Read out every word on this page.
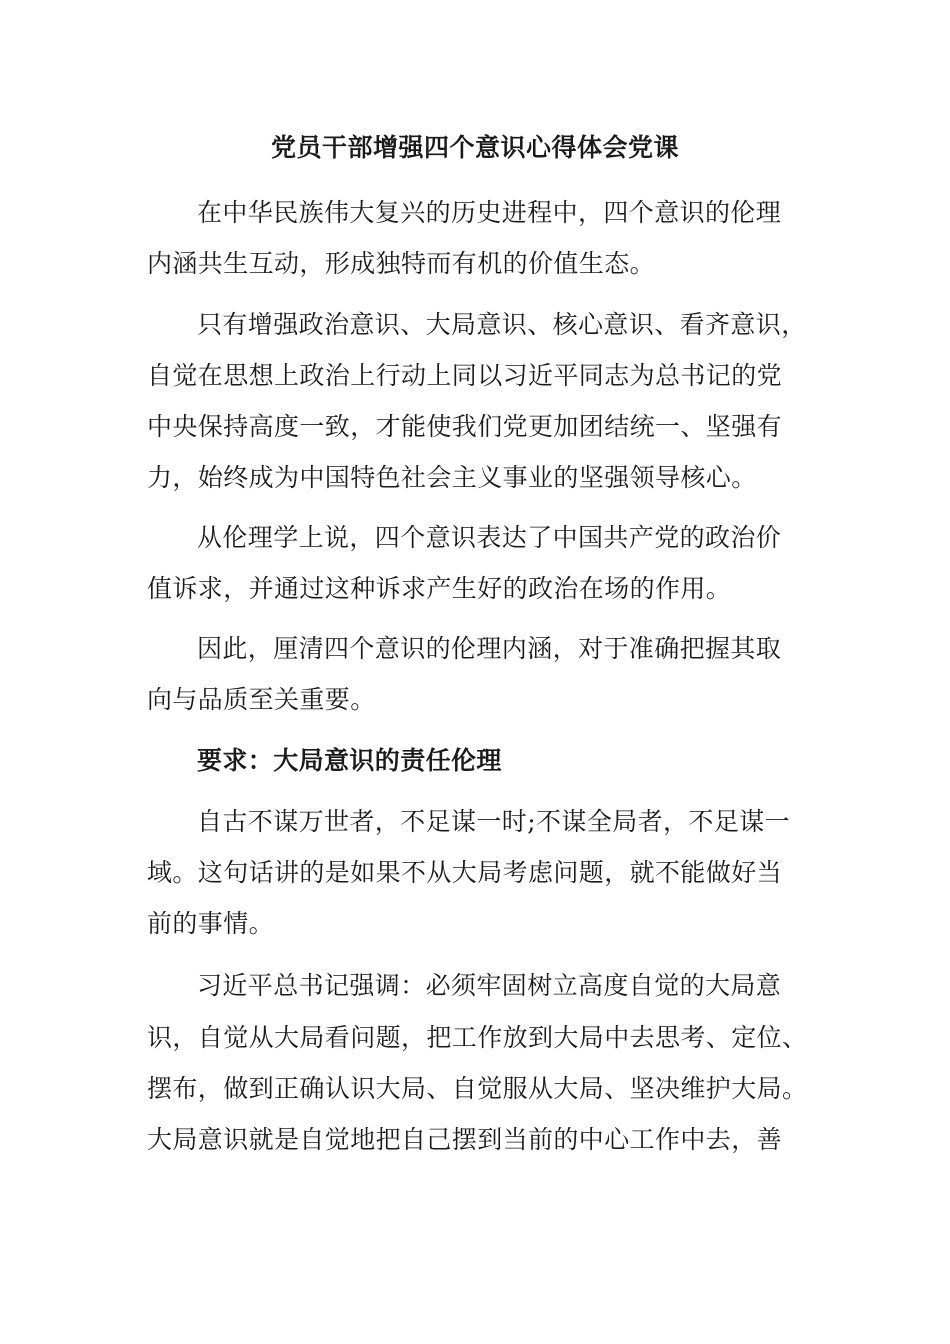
党员干部增强四个意识心得体会党课
在中华民族伟大复兴的历史进程中，四个意识的伦理
内涵共生互动，形成独特而有机的价值生态。
只有增强政治意识、大局意识、核心意识、看齐意识，
自觉在思想上政治上行动上同以习近平同志为总书记的党
中央保持高度一致，才能使我们党更加团结统一、坚强有
力，始终成为中国特色社会主义事业的坚强领导核心。
从伦理学上说，四个意识表达了中国共产党的政治价
值诉求，并通过这种诉求产生好的政治在场的作用。
因此，厘清四个意识的伦理内涵，对于准确把握其取
向与品质至关重要。
要求：大局意识的责任伦理
自古不谋万世者，不足谋一时;不谋全局者，不足谋一
域。这句话讲的是如果不从大局考虑问题，就不能做好当
前的事情。
习近平总书记强调：必须牢固树立高度自觉的大局意
识，自觉从大局看问题，把工作放到大局中去思考、定位、
摆布，做到正确认识大局、自觉服从大局、坚决维护大局。
大局意识就是自觉地把自己摆到当前的中心工作中去，善
